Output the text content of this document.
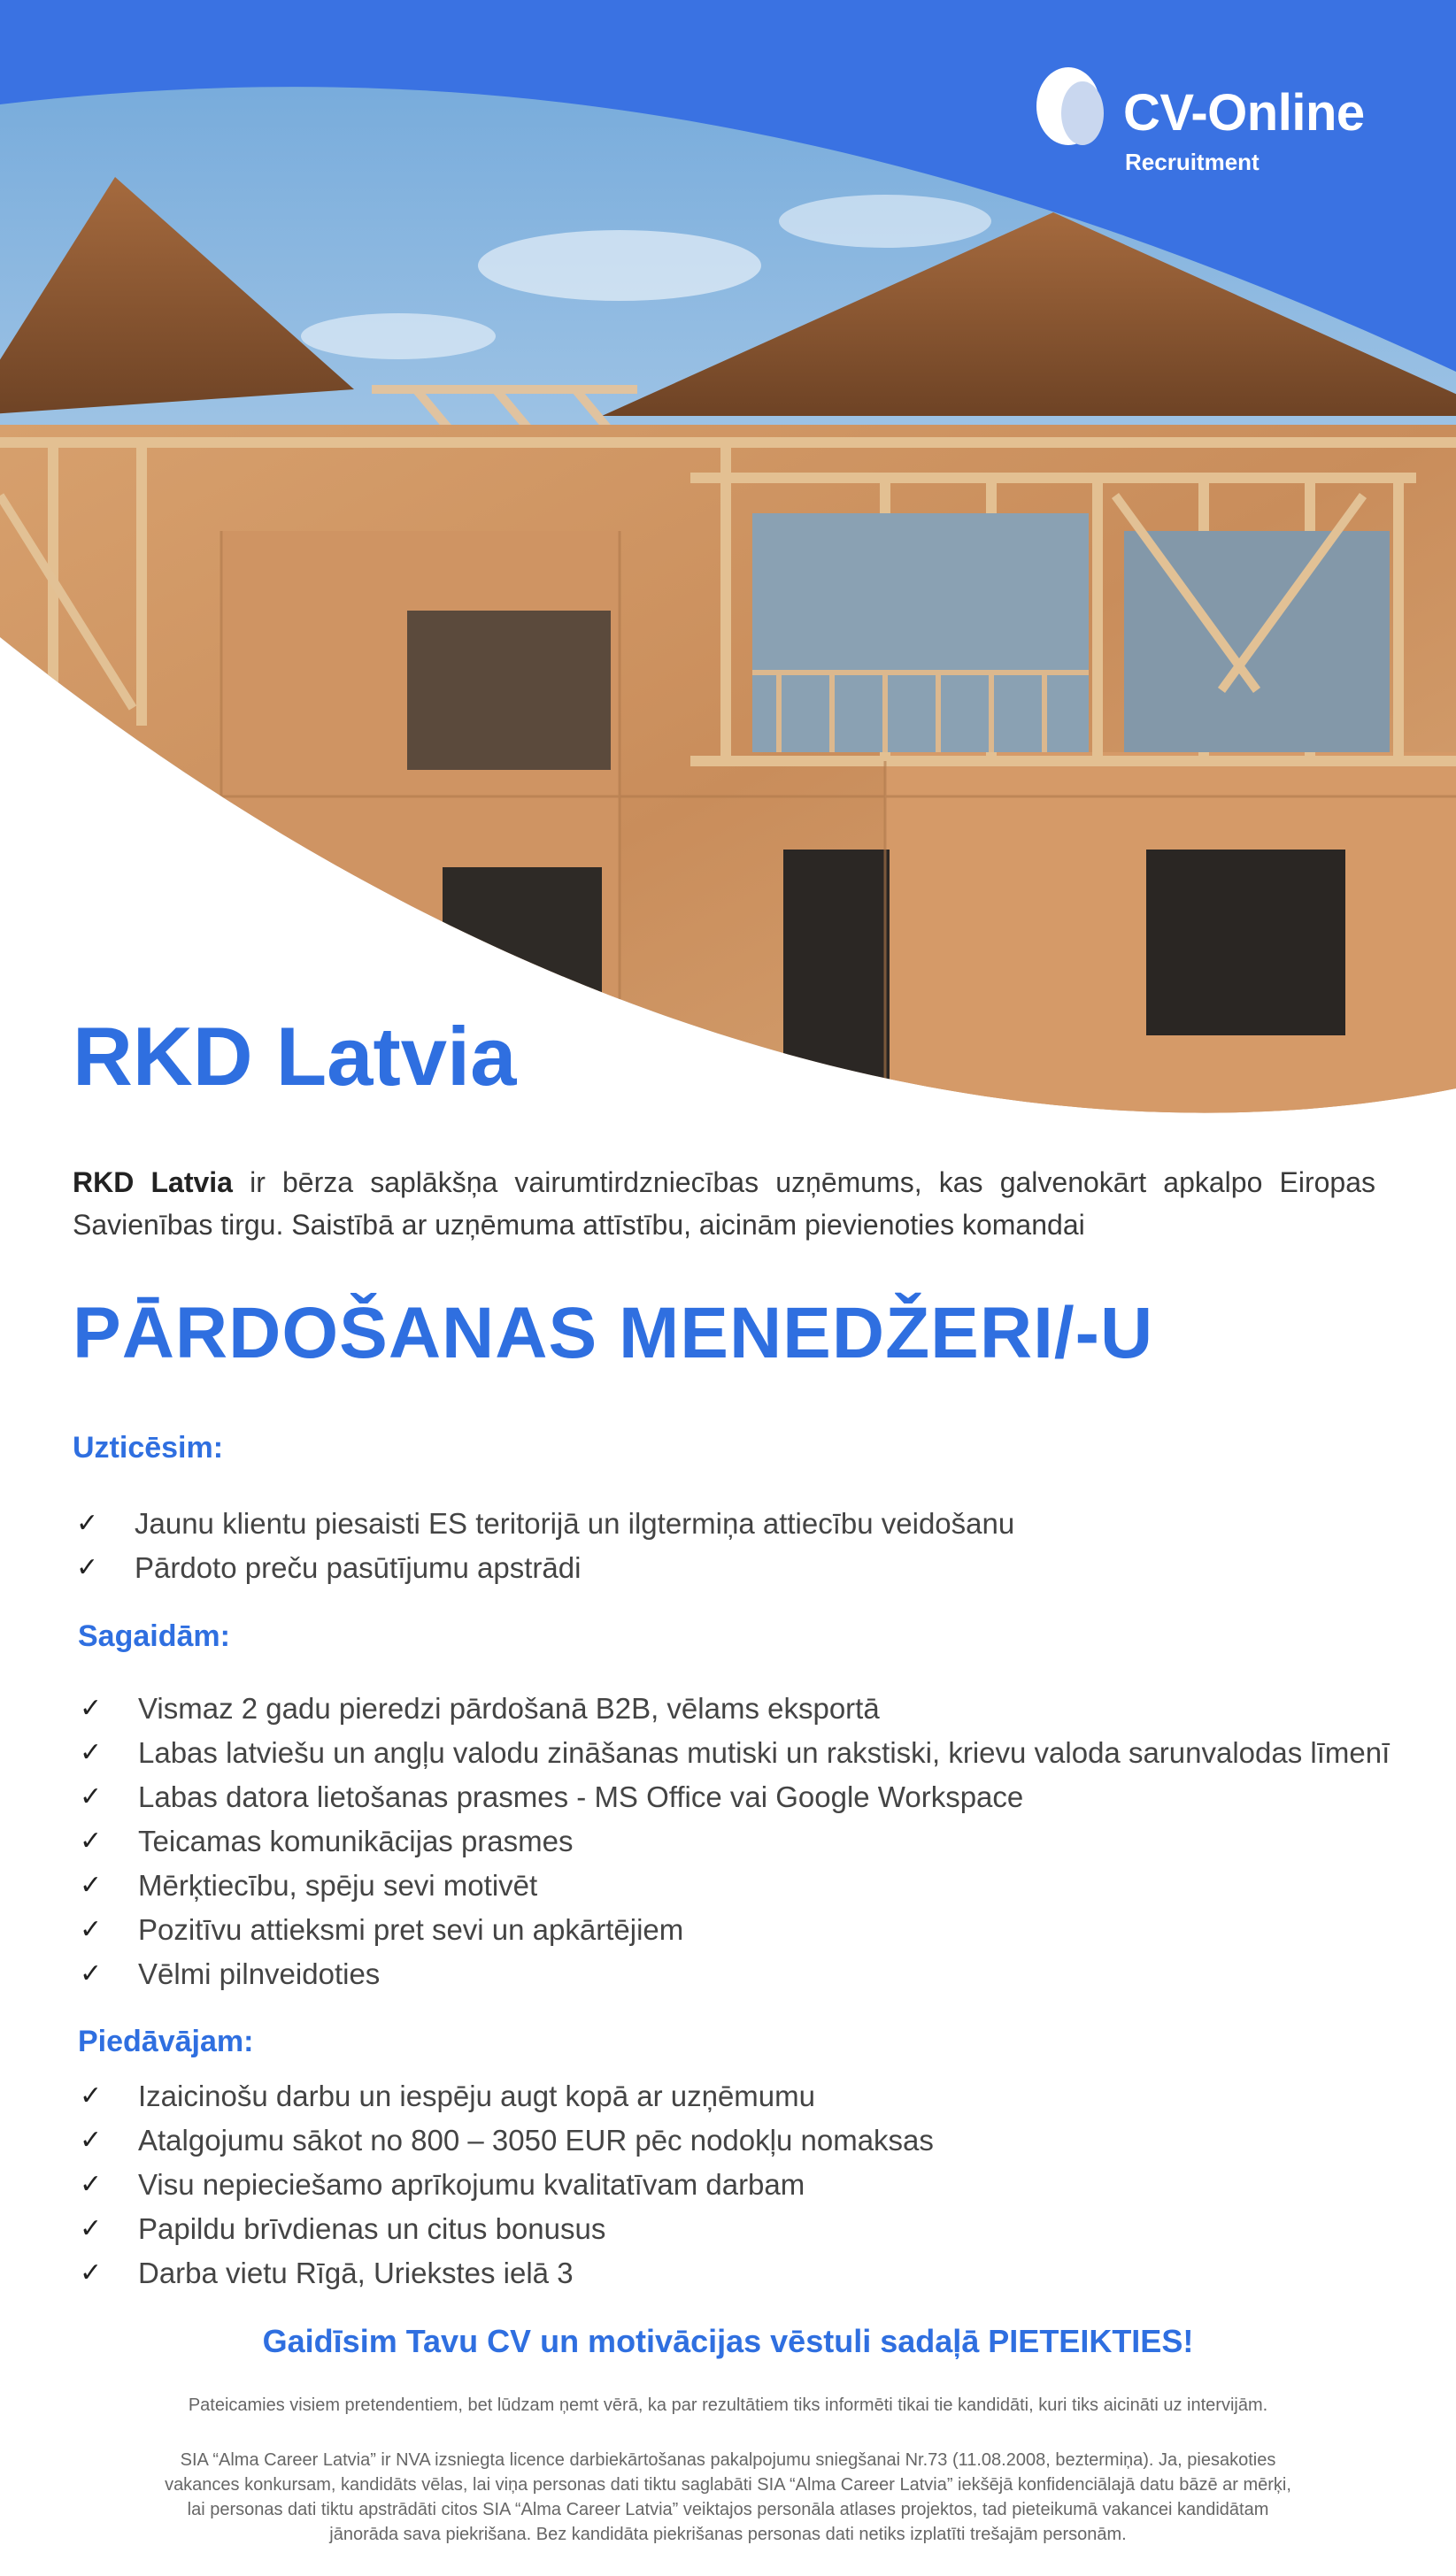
CV-Online
Recruitment
RKD Latvia

RKD Latvia ir bērza saplākšņa vairumtirdzniecības uzņēmums, kas galvenokārt apkalpo Eiropas Savienības tirgu. Saistībā ar uzņēmuma attīstību, aicinām pievienoties komandai

PĀRDOŠANAS MENEDŽERI/-U
Uzticēsim:
✓ Jaunu klientu piesaisti ES teritorijā un ilgtermiņa attiecību veidošanu
✓ Pārdoto preču pasūtījumu apstrādi
Sagaidām:
✓ Vismaz 2 gadu pieredzi pārdošanā B2B, vēlams eksportā
✓ Labas latviešu un angļu valodu zināšanas mutiski un rakstiski, krievu valoda sarunvalodas līmenī
✓ Labas datora lietošanas prasmes - MS Office vai Google Workspace
✓ Teicamas komunikācijas prasmes
✓ Mērķtiecību, spēju sevi motivēt
✓ Pozitīvu attieksmi pret sevi un apkārtējiem
✓ Vēlmi pilnveidoties
Piedāvājam:
✓ Izaicinošu darbu un iespēju augt kopā ar uzņēmumu
✓ Atalgojumu sākot no 800 – 3050 EUR pēc nodokļu nomaksas
✓ Visu nepieciešamo aprīkojumu kvalitatīvam darbam
✓ Papildu brīvdienas un citus bonusus
✓ Darba vietu Rīgā, Uriekstes ielā 3

Gaidīsim Tavu CV un motivācijas vēstuli sadaļā PIETEIKTIES!

Pateicamies visiem pretendentiem, bet lūdzam ņemt vērā, ka par rezultātiem tiks informēti tikai tie kandidāti, kuri tiks aicināti uz intervijām.

SIA “Alma Career Latvia” ir NVA izsniegta licence darbiekārtošanas pakalpojumu sniegšanai Nr.73 (11.08.2008, beztermiņa). Ja, piesakoties

vakances konkursam, kandidāts vēlas, lai viņa personas dati tiktu saglabāti SIA “Alma Career Latvia” iekšējā konfidenciālajā datu bāzē ar mērķi,

lai personas dati tiktu apstrādāti citos SIA “Alma Career Latvia” veiktajos personāla atlases projektos, tad pieteikumā vakancei kandidātam

jānorāda sava piekrišana. Bez kandidāta piekrišanas personas dati netiks izplatīti trešajām personām.
